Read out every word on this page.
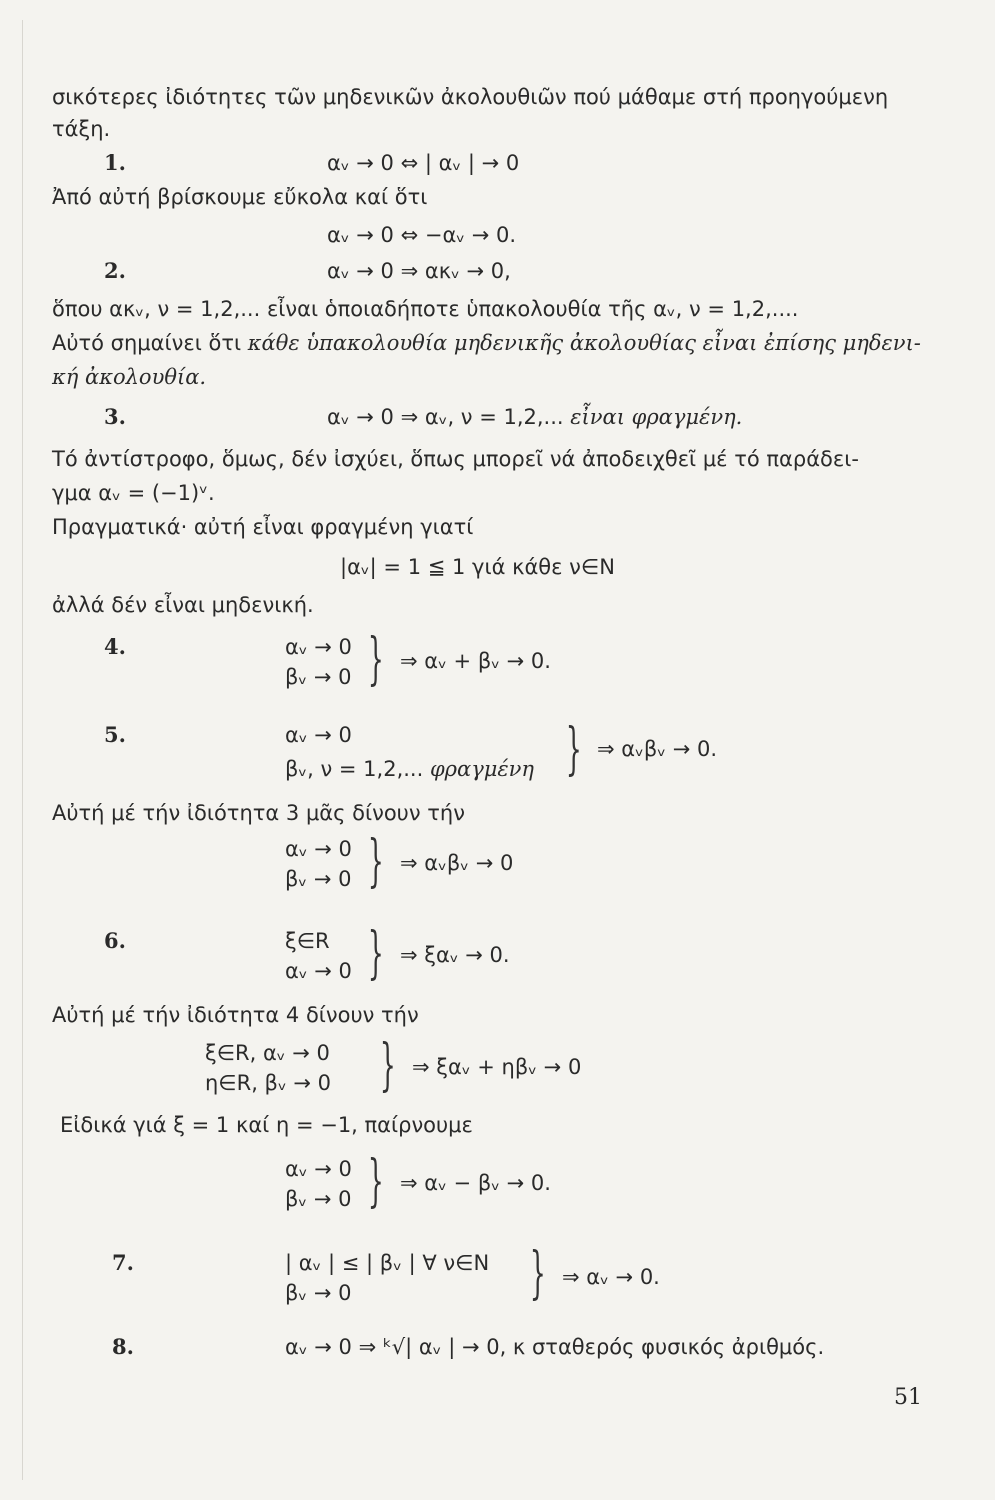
σικότερες ἰδιότητες τῶν μηδενικῶν ἀκολουθιῶν πού μάθαμε στή προηγούμενη
τάξη.
1.	αᵥ → 0 ⇔ | αᵥ | → 0
Ἀπό αὐτή βρίσκουμε εὔκολα καί ὅτι
αᵥ → 0 ⇔ −αᵥ → 0.
2.	αᵥ → 0 ⇒ ακᵥ → 0,
ὅπου ακᵥ, ν = 1,2,... εἶναι ὁποιαδήποτε ὑπακολουθία τῆς αᵥ, ν = 1,2,....
Αὐτό σημαίνει ὅτι κάθε ὑπακολουθία μηδενικῆς ἀκολουθίας εἶναι ἐπίσης μηδενι-
κή ἀκολουθία.
3.	αᵥ → 0 ⇒ αᵥ, ν = 1,2,... εἶναι φραγμένη.
Τό ἀντίστροφο, ὅμως, δέν ἰσχύει, ὅπως μπορεῖ νά ἀποδειχθεῖ μέ τό παράδει-
γμα αᵥ = (−1)ᵛ.
Πραγματικά· αὐτή εἶναι φραγμένη γιατί
|αᵥ| = 1 ≦ 1 γιά κάθε ν∈N
ἀλλά δέν εἶναι μηδενική.
4.	αᵥ → 0
βᵥ → 0 } ⇒ αᵥ + βᵥ → 0.
5.	αᵥ → 0
βᵥ, ν = 1,2,... φραγμένη } ⇒ αᵥβᵥ → 0.
Αὐτή μέ τήν ἰδιότητα 3 μᾶς δίνουν τήν
αᵥ → 0
βᵥ → 0 } ⇒ αᵥβᵥ → 0
6.	ξ∈R
αᵥ → 0 } ⇒ ξαᵥ → 0.
Αὐτή μέ τήν ἰδιότητα 4 δίνουν τήν
ξ∈R, αᵥ → 0
η∈R, βᵥ → 0 } ⇒ ξαᵥ + ηβᵥ → 0
Εἰδικά γιά ξ = 1 καί η = −1, παίρνουμε
αᵥ → 0
βᵥ → 0 } ⇒ αᵥ − βᵥ → 0.
7.	| αᵥ | ≤ | βᵥ | ∀ ν∈N
βᵥ → 0	} ⇒ αᵥ → 0.
8.	αᵥ → 0 ⇒ ᵏ√| αᵥ | → 0, κ σταθερός φυσικός ἀριθμός.
51
